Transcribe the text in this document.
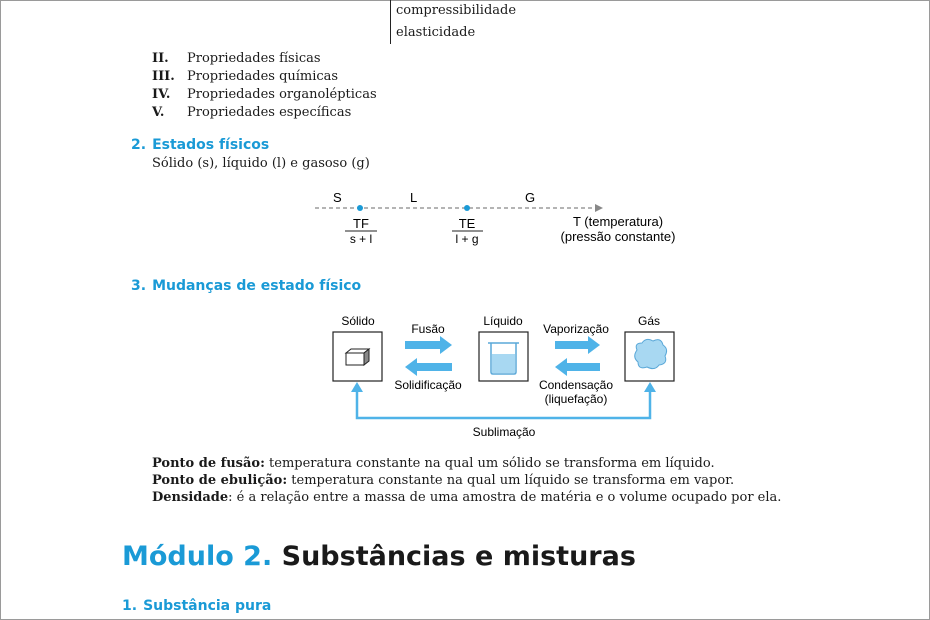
compressibilidade
elasticidade
II.	Propriedades físicas
III. Propriedades químicas
IV.	Propriedades organolépticas
V.	Propriedades específicas
2. Estados físicos
Sólido (s), líquido (l) e gasoso (g)
S	L	G
TF
s + l
TE
l + g
T (temperatura)
(pressão constante)
Sólido	Líquido	Gás
Fusão
Solidificação
Vaporização
Condensação
(liquefação)
Sublimação
3. Mudanças de estado físico
Ponto de fusão: temperatura constante na qual um sólido se transforma em líquido.
Ponto de ebulição: temperatura constante na qual um líquido se transforma em vapor.
Densidade: é a relação entre a massa de uma amostra de matéria e o volume ocupado por ela.
Módulo 2. Substâncias e misturas
1. Substância pura
